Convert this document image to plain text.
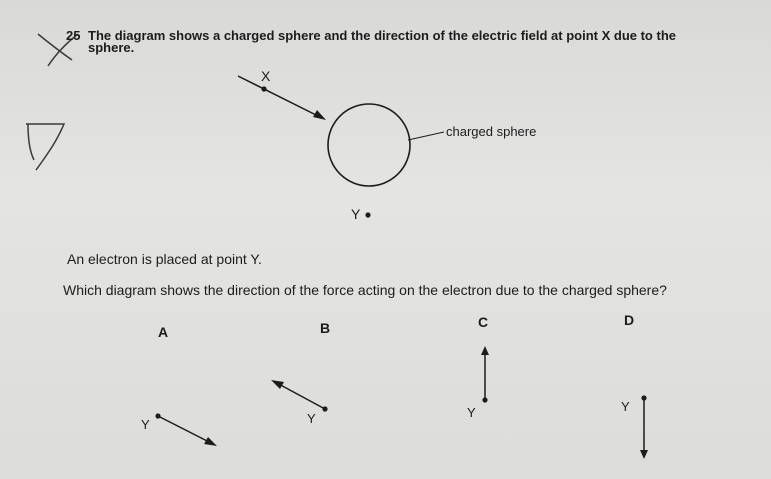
25 The diagram shows a charged sphere and the direction of the electric field at point X due to the
sphere.
X
charged sphere
Y
An electron is placed at point Y.
Which diagram shows the direction of the force acting on the electron due to the charged sphere?
A	B	C	D
Y	Y	Y	Y
